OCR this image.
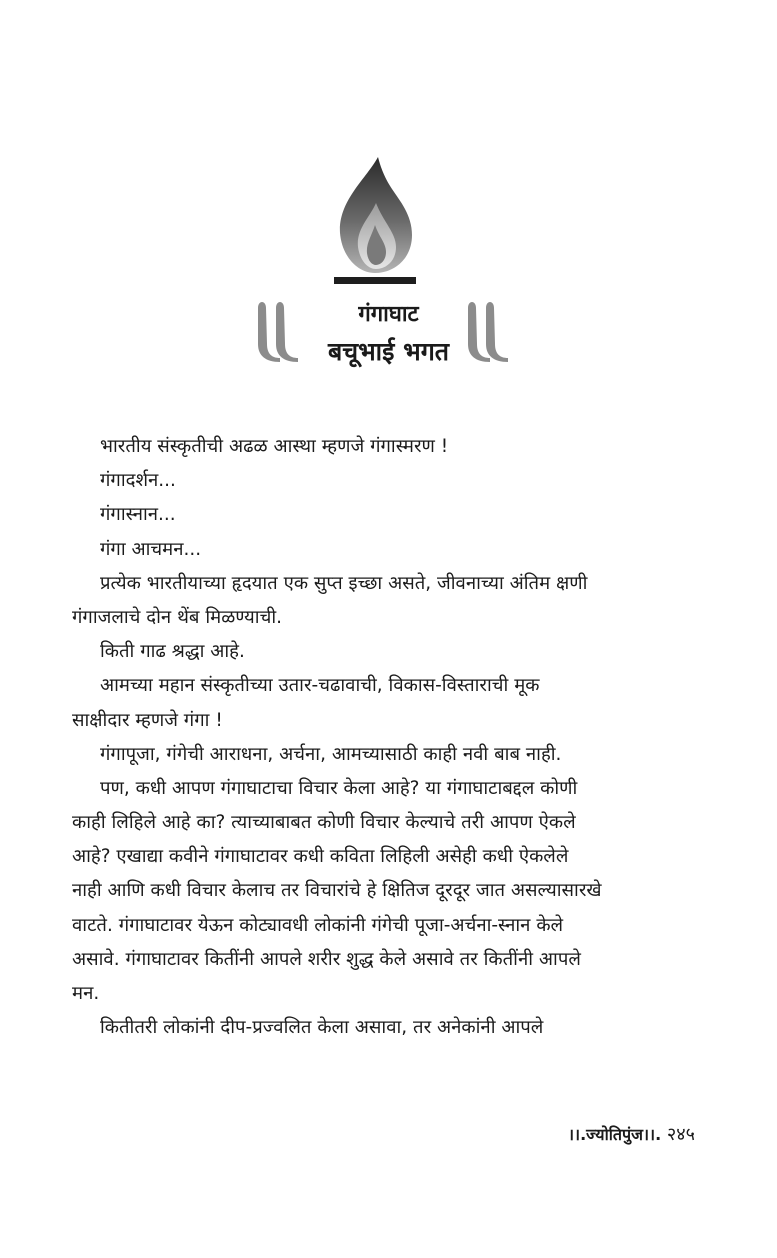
गंगाघाट
बचूभाई भगत
भारतीय संस्कृतीची अढळ आस्था म्हणजे गंगास्मरण !
गंगादर्शन...
गंगास्नान...
गंगा आचमन...
प्रत्येक भारतीयाच्या हृदयात एक सुप्त इच्छा असते, जीवनाच्या अंतिम क्षणी
गंगाजलाचे दोन थेंब मिळण्याची.
किती गाढ श्रद्धा आहे.
आमच्या महान संस्कृतीच्या उतार-चढावाची, विकास-विस्ताराची मूक
साक्षीदार म्हणजे गंगा !
गंगापूजा, गंगेची आराधना, अर्चना, आमच्यासाठी काही नवी बाब नाही.
पण, कधी आपण गंगाघाटाचा विचार केला आहे? या गंगाघाटाबद्दल कोणी
काही लिहिले आहे का? त्याच्याबाबत कोणी विचार केल्याचे तरी आपण ऐकले
आहे? एखाद्या कवीने गंगाघाटावर कधी कविता लिहिली असेही कधी ऐकलेले
नाही आणि कधी विचार केलाच तर विचारांचे हे क्षितिज दूरदूर जात असल्यासारखे
वाटते. गंगाघाटावर येऊन कोट्यावधी लोकांनी गंगेची पूजा-अर्चना-स्नान केले
असावे. गंगाघाटावर कितींनी आपले शरीर शुद्ध केले असावे तर कितींनी आपले
मन.
कितीतरी लोकांनी दीप-प्रज्वलित केला असावा, तर अनेकांनी आपले
।।.ज्योतिपुंज।।. २४५
